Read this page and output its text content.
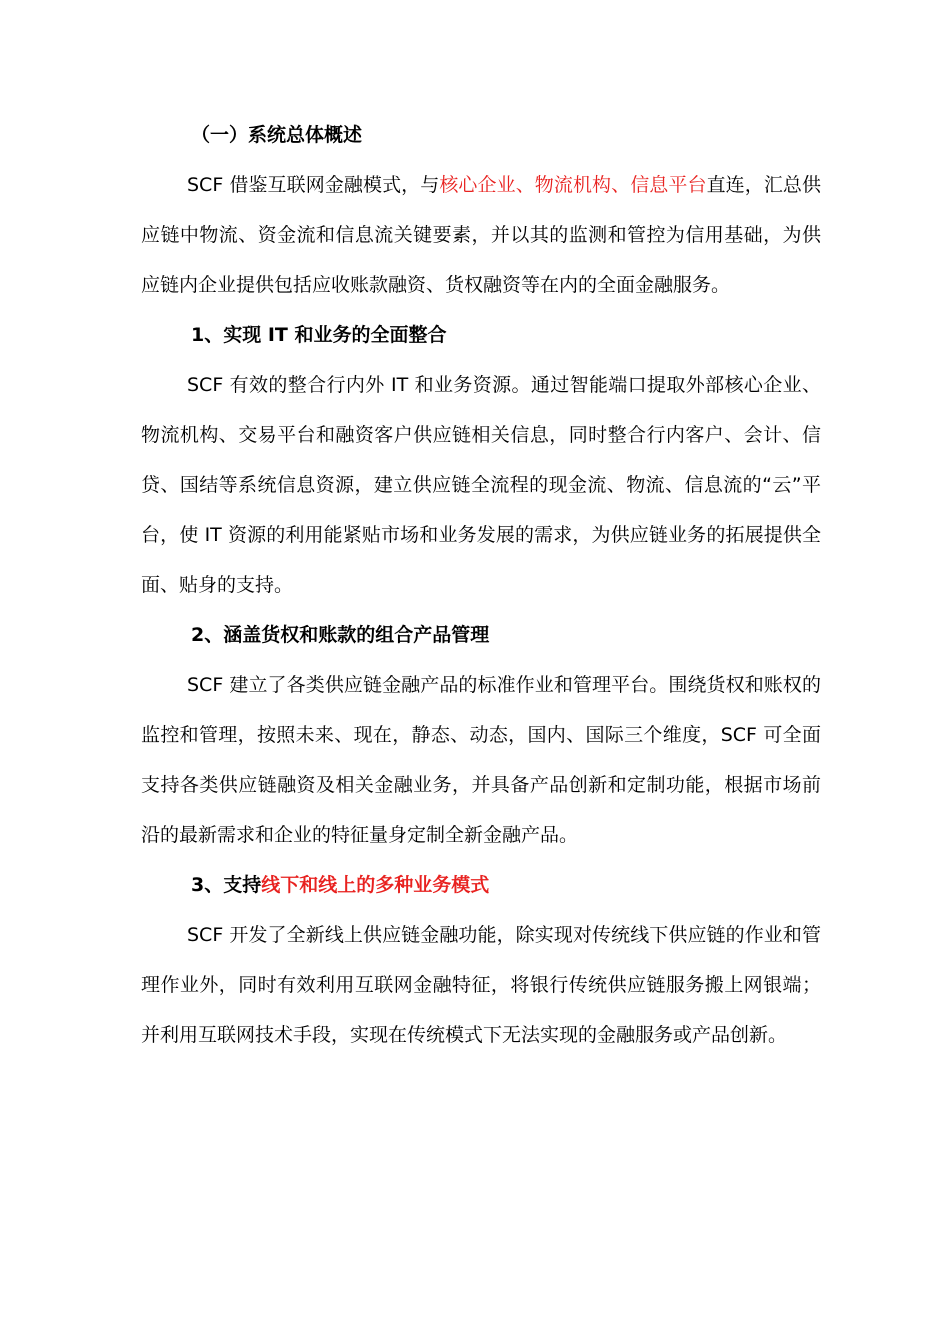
（一）系统总体概述

SCF 借鉴互联网金融模式，与核心企业、物流机构、信息平台直连，汇总供应链中物流、资金流和信息流关键要素，并以其的监测和管控为信用基础，为供应链内企业提供包括应收账款融资、货权融资等在内的全面金融服务。

1、实现 IT 和业务的全面整合

SCF 有效的整合行内外 IT 和业务资源。通过智能端口提取外部核心企业、物流机构、交易平台和融资客户供应链相关信息，同时整合行内客户、会计、信贷、国结等系统信息资源，建立供应链全流程的现金流、物流、信息流的“云”平台，使 IT 资源的利用能紧贴市场和业务发展的需求，为供应链业务的拓展提供全面、贴身的支持。

2、涵盖货权和账款的组合产品管理

SCF 建立了各类供应链金融产品的标准作业和管理平台。围绕货权和账权的监控和管理，按照未来、现在，静态、动态，国内、国际三个维度，SCF 可全面支持各类供应链融资及相关金融业务，并具备产品创新和定制功能，根据市场前沿的最新需求和企业的特征量身定制全新金融产品。

3、支持线下和线上的多种业务模式

SCF 开发了全新线上供应链金融功能，除实现对传统线下供应链的作业和管理作业外，同时有效利用互联网金融特征，将银行传统供应链服务搬上网银端；并利用互联网技术手段，实现在传统模式下无法实现的金融服务或产品创新。
